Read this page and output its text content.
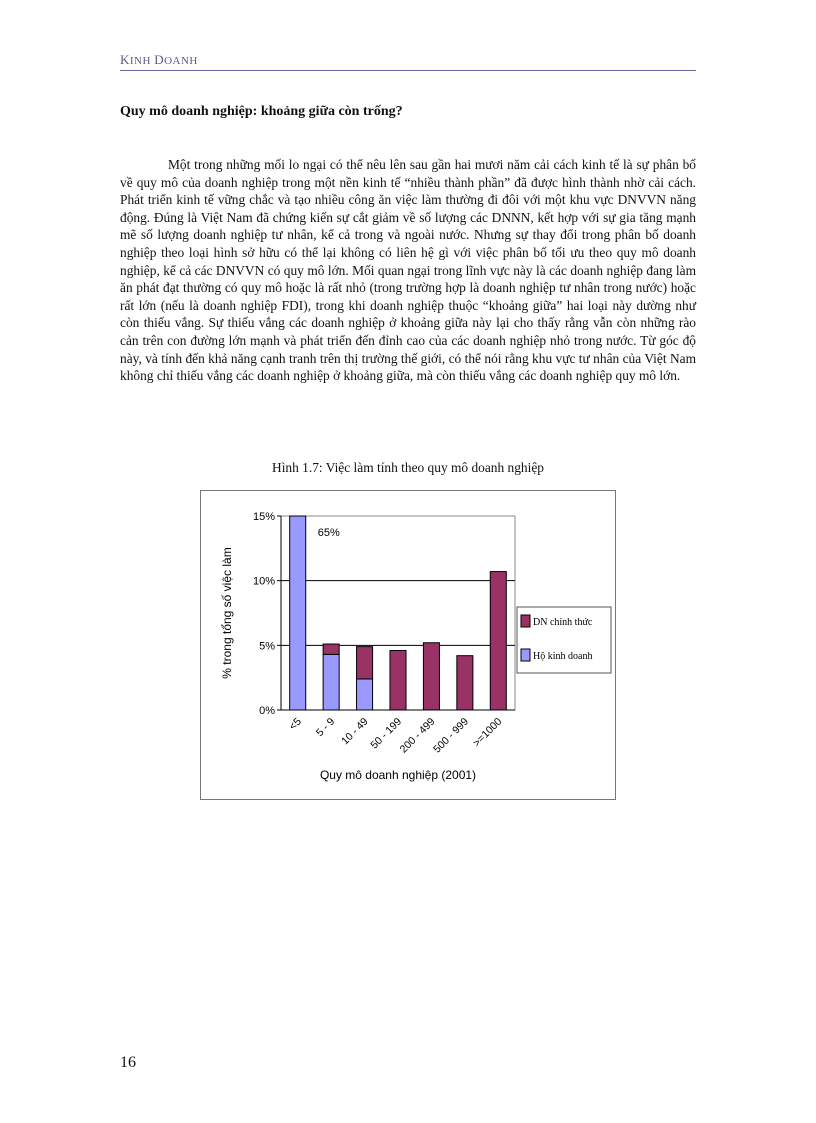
KINH DOANH
Quy mô doanh nghiệp: khoảng giữa còn trống?
Một trong những mối lo ngại có thể nêu lên sau gần hai mươi năm cải cách kinh tế là sự phân bố về quy mô của doanh nghiệp trong một nền kinh tế “nhiều thành phần” đã được hình thành nhờ cải cách. Phát triển kinh tế vững chắc và tạo nhiều công ăn việc làm thường đi đôi với một khu vực DNVVN năng động. Đúng là Việt Nam đã chứng kiến sự cắt giảm về số lượng các DNNN, kết hợp với sự gia tăng mạnh mẽ số lượng doanh nghiệp tư nhân, kể cả trong và ngoài nước. Nhưng sự thay đổi trong phân bố doanh nghiệp theo loại hình sở hữu có thể lại không có liên hệ gì với việc phân bố tối ưu theo quy mô doanh nghiệp, kể cả các DNVVN có quy mô lớn. Mối quan ngại trong lĩnh vực này là các doanh nghiệp đang làm ăn phát đạt thường có quy mô hoặc là rất nhỏ (trong trường hợp là doanh nghiệp tư nhân trong nước) hoặc rất lớn (nếu là doanh nghiệp FDI), trong khi doanh nghiệp thuộc “khoảng giữa” hai loại này dường như còn thiếu vắng. Sự thiếu vắng các doanh nghiệp ở khoảng giữa này lại cho thấy rằng vẫn còn những rào cản trên con đường lớn mạnh và phát triển đến đỉnh cao của các doanh nghiệp nhỏ trong nước. Từ góc độ này, và tính đến khả năng cạnh tranh trên thị trường thế giới, có thể nói rằng khu vực tư nhân của Việt Nam không chỉ thiếu vắng các doanh nghiệp ở khoảng giữa, mà còn thiếu vắng các doanh nghiệp quy mô lớn.
Hình 1.7: Việc làm tính theo quy mô doanh nghiệp
0%
5%
10%
15%
<5 5 - 9 10 - 49
50 - 199
200 - 499
500 - 999 >=1000
65%
% trong tổng số việc làm
Quy mô doanh nghiệp (2001)
DN chính thức
Hộ kinh doanh
16
